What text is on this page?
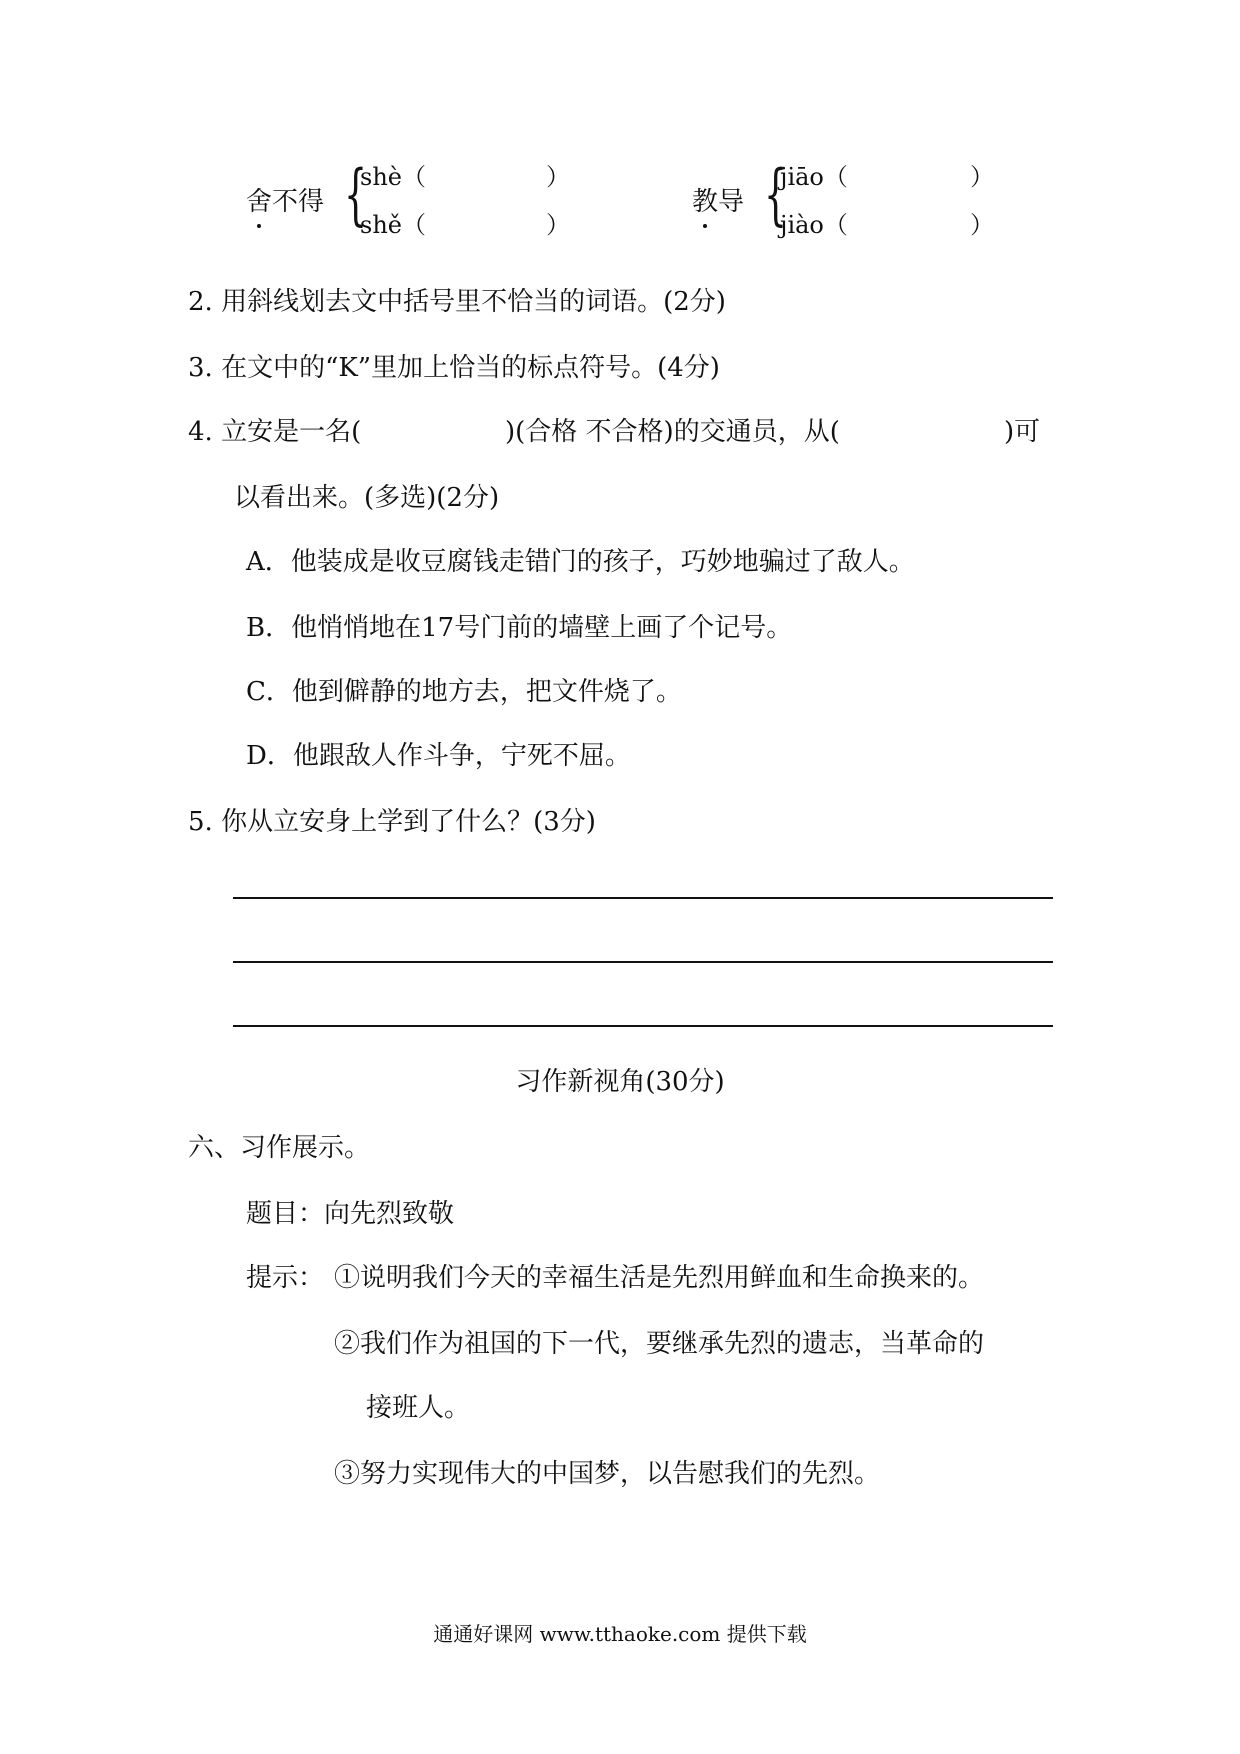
舍不得 {
shè（	）
shě（	）
教导 {
jiāo（	）
jiào（	）
2. 用斜线划去文中括号里不恰当的词语。(2分)
3. 在文中的“K”里加上恰当的标点符号。(4分)
4. 立安是一名(	)(合格 不合格)的交通员，从(	)可
以看出来。(多选)(2分)
A．他装成是收豆腐钱走错门的孩子，巧妙地骗过了敌人。
B．他悄悄地在17号门前的墙壁上画了个记号。
C．他到僻静的地方去，把文件烧了。
D．他跟敌人作斗争，宁死不屈。
5. 你从立安身上学到了什么？(3分)
习作新视角(30分)
六、习作展示。
题目：向先烈致敬
提示： ①说明我们今天的幸福生活是先烈用鲜血和生命换来的。
②我们作为祖国的下一代，要继承先烈的遗志，当革命的
接班人。
③努力实现伟大的中国梦，以告慰我们的先烈。
通通好课网 www.tthaoke.com 提供下载
